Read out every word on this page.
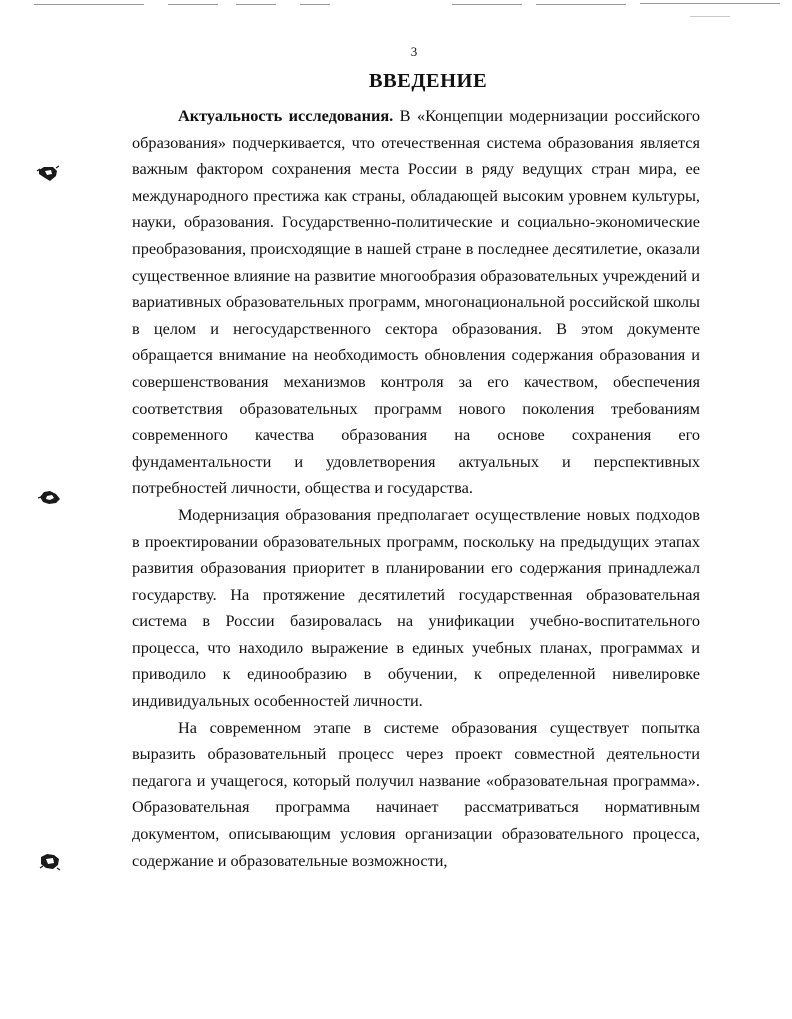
3
ВВЕДЕНИЕ

Актуальность исследования. В «Концепции модернизации российского образования» подчеркивается, что отечественная система образования является важным фактором сохранения места России в ряду ведущих стран мира, ее международного престижа как страны, обладающей высоким уровнем культуры, науки, образования. Государственно-политические и социально-экономические преобразования, происходящие в нашей стране в последнее десятилетие, оказали существенное влияние на развитие многообразия образовательных учреждений и вариативных образовательных программ, многонациональной российской школы в целом и негосударственного сектора образования. В этом документе обращается внимание на необходимость обновления содержания образования и совершенствования механизмов контроля за его качеством, обеспечения соответствия образовательных программ нового поколения требованиям современного качества образования на основе сохранения его фундаментальности и удовлетворения актуальных и перспективных потребностей личности, общества и государства.

Модернизация образования предполагает осуществление новых подходов в проектировании образовательных программ, поскольку на предыдущих этапах развития образования приоритет в планировании его содержания принадлежал государству. На протяжение десятилетий государственная образовательная система в России базировалась на унификации учебно-воспитательного процесса, что находило выражение в единых учебных планах, программах и приводило к единообразию в обучении, к определенной нивелировке индивидуальных особенностей личности.

На современном этапе в системе образования существует попытка выразить образовательный процесс через проект совместной деятельности педагога и учащегося, который получил название «образовательная программа». Образовательная программа начинает рассматриваться нормативным документом, описывающим условия организации образовательного процесса, содержание и образовательные возможности,
